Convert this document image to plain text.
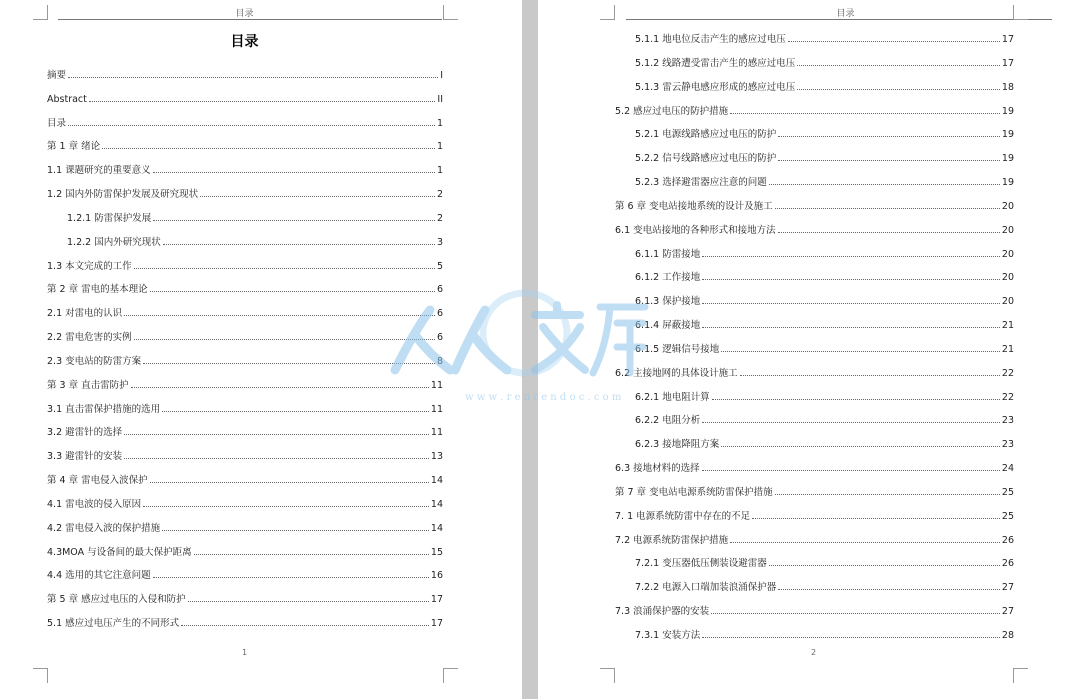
目录
目录
摘要	I
Abstract	II
目录	1
第 1 章 绪论	1
1.1 课题研究的重要意义	1
1.2 国内外防雷保护发展及研究现状	2
1.2.1 防雷保护发展	2
1.2.2 国内外研究现状	3
1.3 本文完成的工作	5
第 2 章 雷电的基本理论	6
2.1 对雷电的认识	6
2.2 雷电危害的实例	6
2.3 变电站的防雷方案	8
第 3 章 直击雷防护	11
3.1 直击雷保护措施的选用	11
3.2 避雷针的选择	11
3.3 避雷针的安装	13
第 4 章 雷电侵入波保护	14
4.1 雷电波的侵入原因	14
4.2 雷电侵入波的保护措施	14
4.3MOA 与设备间的最大保护距离	15
4.4 选用的其它注意问题	16
第 5 章 感应过电压的入侵和防护	17
5.1 感应过电压产生的不同形式	17
1
目录
5.1.1 地电位反击产生的感应过电压	17
5.1.2 线路遭受雷击产生的感应过电压	17
5.1.3 雷云静电感应形成的感应过电压	18
5.2 感应过电压的防护措施	19
5.2.1 电源线路感应过电压的防护	19
5.2.2 信号线路感应过电压的防护	19
5.2.3 选择避雷器应注意的问题	19
第 6 章 变电站接地系统的设计及施工	20
6.1 变电站接地的各种形式和接地方法	20
6.1.1 防雷接地	20
6.1.2 工作接地	20
6.1.3 保护接地	20
6.1.4 屏蔽接地	21
6.1.5 逻辑信号接地	21
6.2 主接地网的具体设计施工	22
6.2.1 地电阻计算	22
6.2.2 电阻分析	23
6.2.3 接地降阻方案	23
6.3 接地材料的选择	24
第 7 章 变电站电源系统防雷保护措施	25
7. 1 电源系统防雷中存在的不足	25
7.2 电源系统防雷保护措施	26
7.2.1 变压器低压侧装设避雷器	26
7.2.2 电源入口端加装浪涌保护器	27
7.3 浪涌保护器的安装	27
7.3.1 安装方法	28
2
w w w . r e n r e n d o c . c o m
